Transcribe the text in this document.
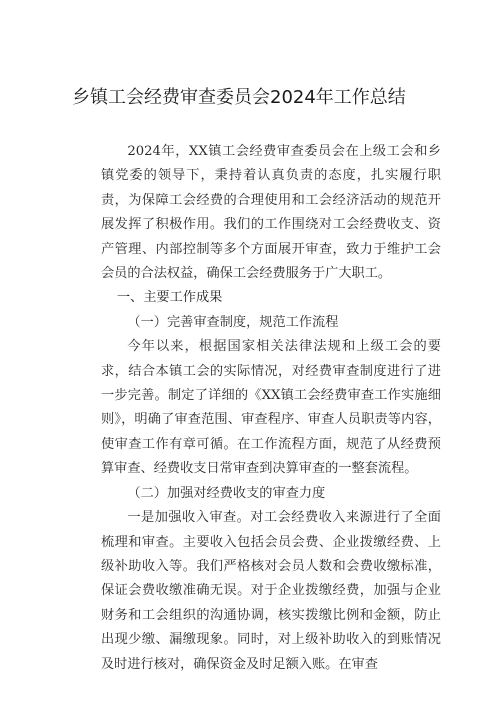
乡镇工会经费审查委员会2024年工作总结

2024年，XX镇工会经费审查委员会在上级工会和乡镇党委的领导下，秉持着认真负责的态度，扎实履行职责，为保障工会经费的合理使用和工会经济活动的规范开展发挥了积极作用。我们的工作围绕对工会经费收支、资产管理、内部控制等多个方面展开审查，致力于维护工会会员的合法权益，确保工会经费服务于广大职工。

一、主要工作成果

（一）完善审查制度，规范工作流程

今年以来，根据国家相关法律法规和上级工会的要求，结合本镇工会的实际情况，对经费审查制度进行了进一步完善。制定了详细的《XX镇工会经费审查工作实施细则》，明确了审查范围、审查程序、审查人员职责等内容，使审查工作有章可循。在工作流程方面，规范了从经费预算审查、经费收支日常审查到决算审查的一整套流程。

（二）加强对经费收支的审查力度

一是加强收入审查。对工会经费收入来源进行了全面梳理和审查。主要收入包括会员会费、企业拨缴经费、上级补助收入等。我们严格核对会员人数和会费收缴标准，保证会费收缴准确无误。对于企业拨缴经费，加强与企业财务和工会组织的沟通协调，核实拨缴比例和金额，防止出现少缴、漏缴现象。同时，对上级补助收入的到账情况及时进行核对，确保资金及时足额入账。在审查
